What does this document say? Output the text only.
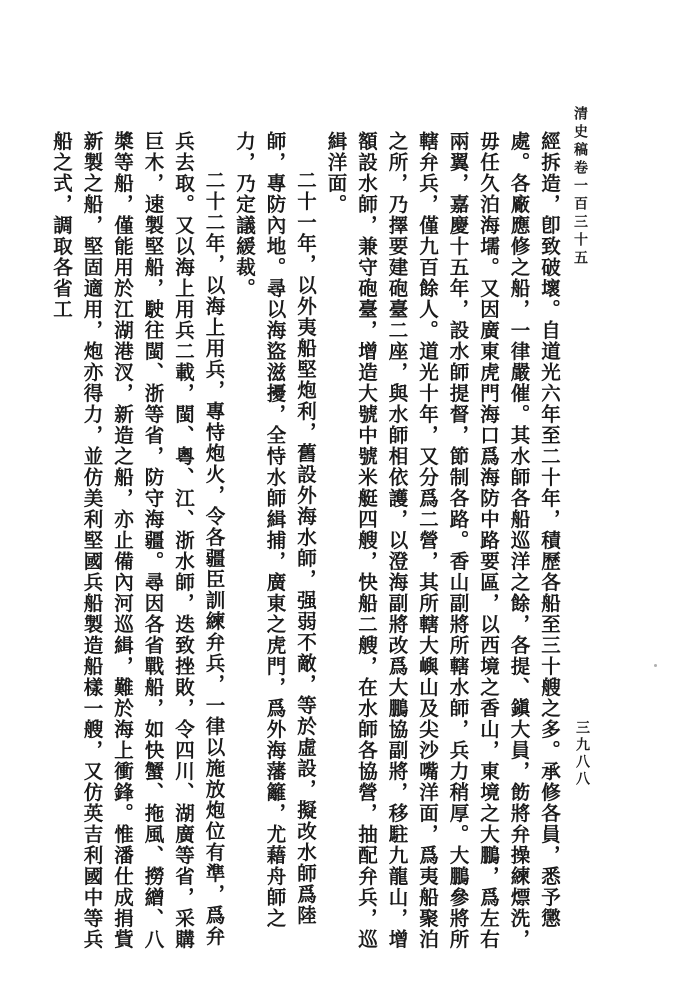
清史稿卷一百三十五

經拆造，卽致破壞。自道光六年至二十年，積歷各船至三十艘之多。承修各員，悉予懲處。各廠應修之船，一律嚴催。其水師各船巡洋之餘，各提、鎭大員，飭將弁操練熛洗，毋任久泊海壖。又因廣東虎門海口爲海防中路要區，以西境之香山，東境之大鵬，爲左右兩翼，嘉慶十五年，設水師提督，節制各路。香山副將所轄水師，兵力稍厚。大鵬參將所轄弁兵，僅九百餘人。道光十年，又分爲二營，其所轄大嶼山及尖沙嘴洋面，爲夷船聚泊之所，乃擇要建砲臺二座，與水師相依護，以澄海副將改爲大鵬協副將，移駐九龍山，增額設水師，兼守砲臺，增造大號中號米艇四艘，快船二艘，在水師各協營，抽配弁兵，巡緝洋面。

二十一年，以外夷船堅炮利，舊設外海水師，强弱不敵，等於虛設，擬改水師爲陸師，專防內地。尋以海盜滋擾，全恃水師緝捕，廣東之虎門，爲外海藩籬，尤藉舟師之力，乃定議緩裁。

二十二年，以海上用兵，專恃炮火，令各疆臣訓練弁兵，一律以施放炮位有準，爲弁兵去取。又以海上用兵二載，閩、粵、江、浙水師，迭致挫敗，令四川、湖廣等省，采購巨木，速製堅船，駛往閩、浙等省，防守海疆。尋因各省戰船，如快蟹、拖風、撈繒、八槳等船，僅能用於江湖港汊，新造之船，亦止備內河巡緝，難於海上衝鋒。惟潘仕成捐貲新製之船，堅固適用，炮亦得力，並仿美利堅國兵船製造船樣一艘，又仿英吉利國中等兵船之式，調取各省工

三九八八
